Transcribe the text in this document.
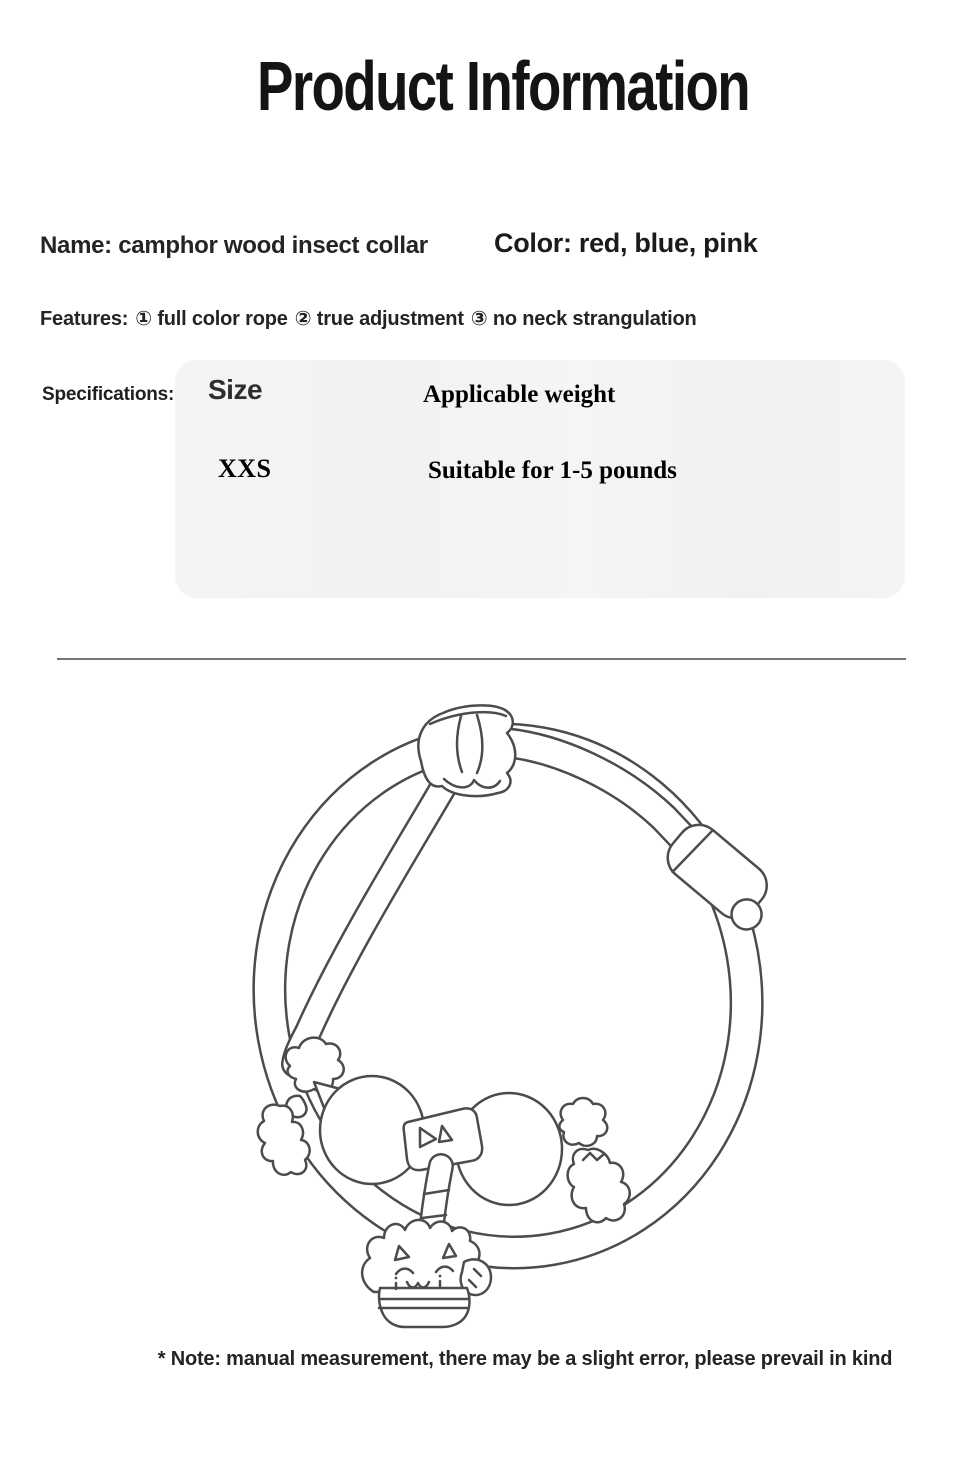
Product Information
Name: camphor wood insect collar Color: red, blue, pink
Features: ① full color rope ② true adjustment ③ no neck strangulation
Specifications: Size	Applicable weight
XXS	Suitable for 1-5 pounds
* Note: manual measurement, there may be a slight error, please prevail in kind
